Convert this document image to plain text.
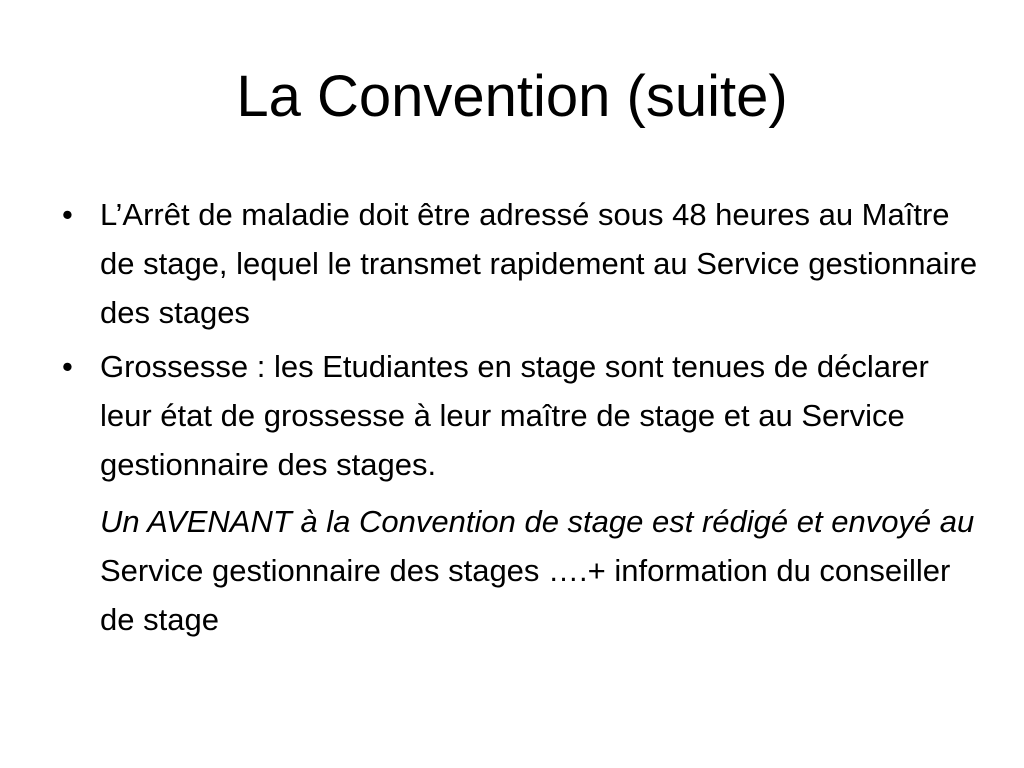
La Convention (suite)
• L’Arrêt de maladie doit être adressé sous 48 heures au Maître de stage, lequel le transmet rapidement au Service gestionnaire des stages
• Grossesse : les Etudiantes en stage sont tenues de déclarer leur état de grossesse à leur maître de stage et au Service gestionnaire des stages.
Un AVENANT à la Convention de stage est rédigé et envoyé au Service gestionnaire des stages ….+ information du conseiller de stage
